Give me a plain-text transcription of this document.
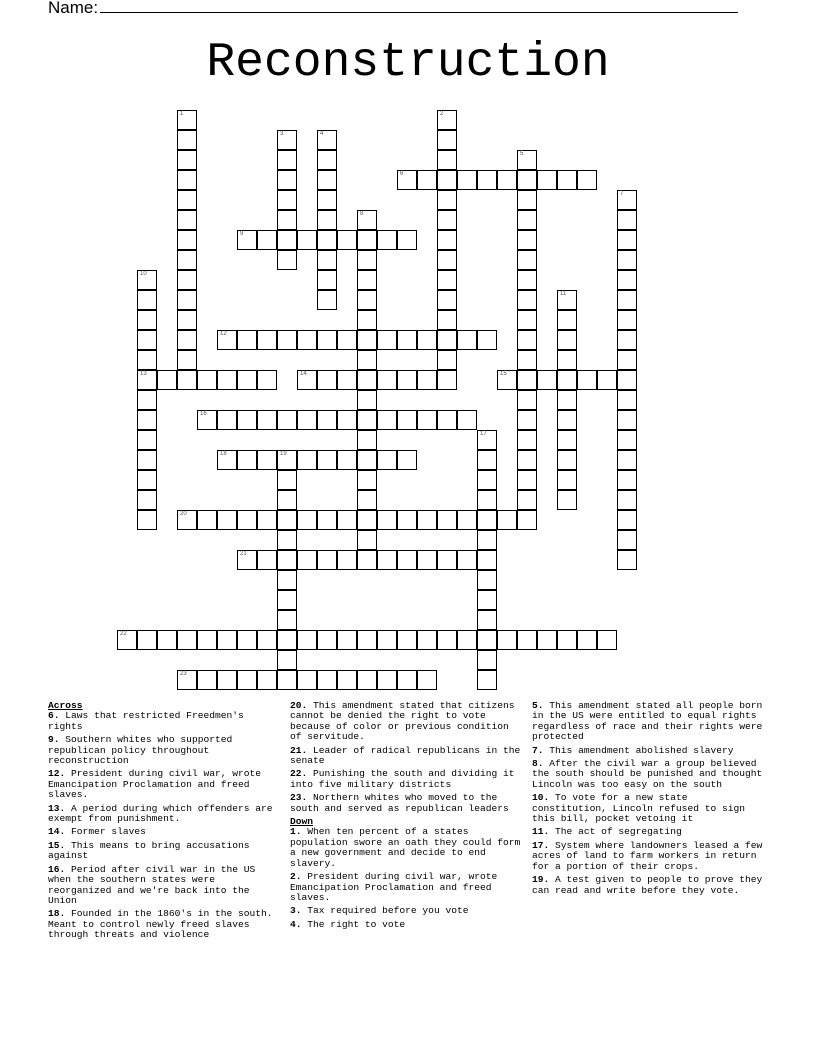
Name:
Reconstruction
1	2
3	4
5
6
7
8
9
10
13
11
12
14	15
16
17
18	19
20
21
22
23

Across

6. Laws that restricted Freedmen's rights

9. Southern whites who supported republican policy throughout reconstruction

12. President during civil war, wrote Emancipation Proclamation and freed slaves.

13. A period during which offenders are exempt from punishment.

14. Former slaves

15. This means to bring accusations against

16. Period after civil war in the US when the southern states were reorganized and we're back into the Union

18. Founded in the 1860's in the south. Meant to control newly freed slaves through threats and violence

20. This amendment stated that citizens cannot be denied the right to vote because of color or previous condition of servitude.

21. Leader of radical republicans in the senate

22. Punishing the south and dividing it into five military districts

23. Northern whites who moved to the south and served as republican leaders

Down

1. When ten percent of a states population swore an oath they could form a new government and decide to end slavery.

2. President during civil war, wrote Emancipation Proclamation and freed slaves.

3. Tax required before you vote

4. The right to vote

5. This amendment stated all people born in the US were entitled to equal rights regardless of race and their rights were protected

7. This amendment abolished slavery

8. After the civil war a group believed the south should be punished and thought Lincoln was too easy on the south

10. To vote for a new state constitution, Lincoln refused to sign this bill, pocket vetoing it

11. The act of segregating

17. System where landowners leased a few acres of land to farm workers in return for a portion of their crops.

19. A test given to people to prove they can read and write before they vote.
